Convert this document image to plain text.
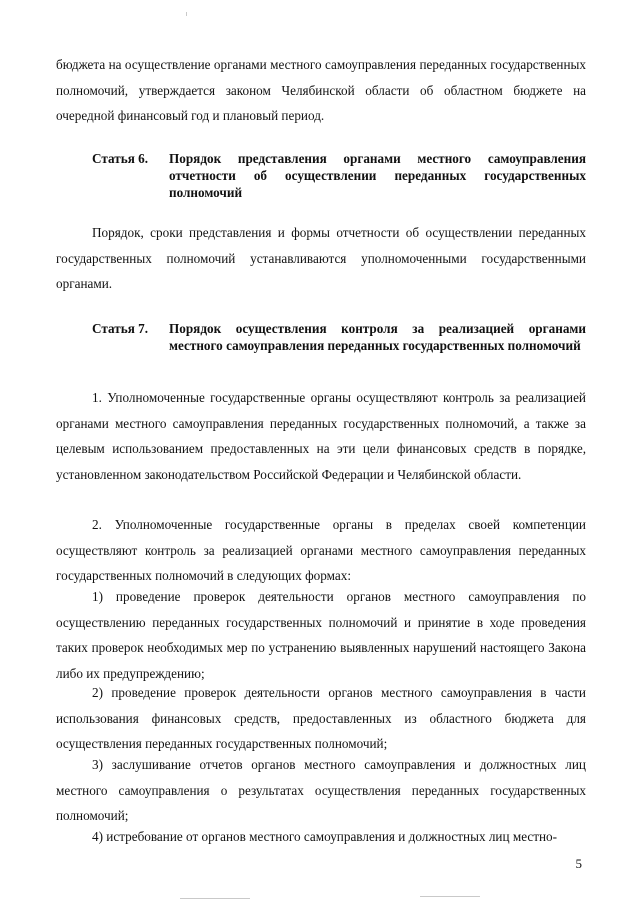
бюджета на осуществление органами местного самоуправления переданных государственных полномочий, утверждается законом Челябинской области об областном бюджете на очередной финансовый год и плановый период.

Статья 6.	Порядок представления органами местного самоуправления отчетности об осуществлении переданных государственных полномочий

Порядок, сроки представления и формы отчетности об осуществлении переданных государственных полномочий устанавливаются уполномоченными государственными органами.

Статья 7.	Порядок осуществления контроля за реализацией органами местного самоуправления переданных государственных полномочий

1. Уполномоченные государственные органы осуществляют контроль за реализацией органами местного самоуправления переданных государственных полномочий, а также за целевым использованием предоставленных на эти цели финансовых средств в порядке, установленном законодательством Российской Федерации и Челябинской области.

2. Уполномоченные государственные органы в пределах своей компетенции осуществляют контроль за реализацией органами местного самоуправления переданных государственных полномочий в следующих формах:

1) проведение проверок деятельности органов местного самоуправления по осуществлению переданных государственных полномочий и принятие в ходе проведения таких проверок необходимых мер по устранению выявленных нарушений настоящего Закона либо их предупреждению;

2) проведение проверок деятельности органов местного самоуправления в части использования финансовых средств, предоставленных из областного бюджета для осуществления переданных государственных полномочий;

3) заслушивание отчетов органов местного самоуправления и должностных лиц местного самоуправления о результатах осуществления переданных государственных полномочий;

4) истребование от органов местного самоуправления и должностных лиц местно-

5
